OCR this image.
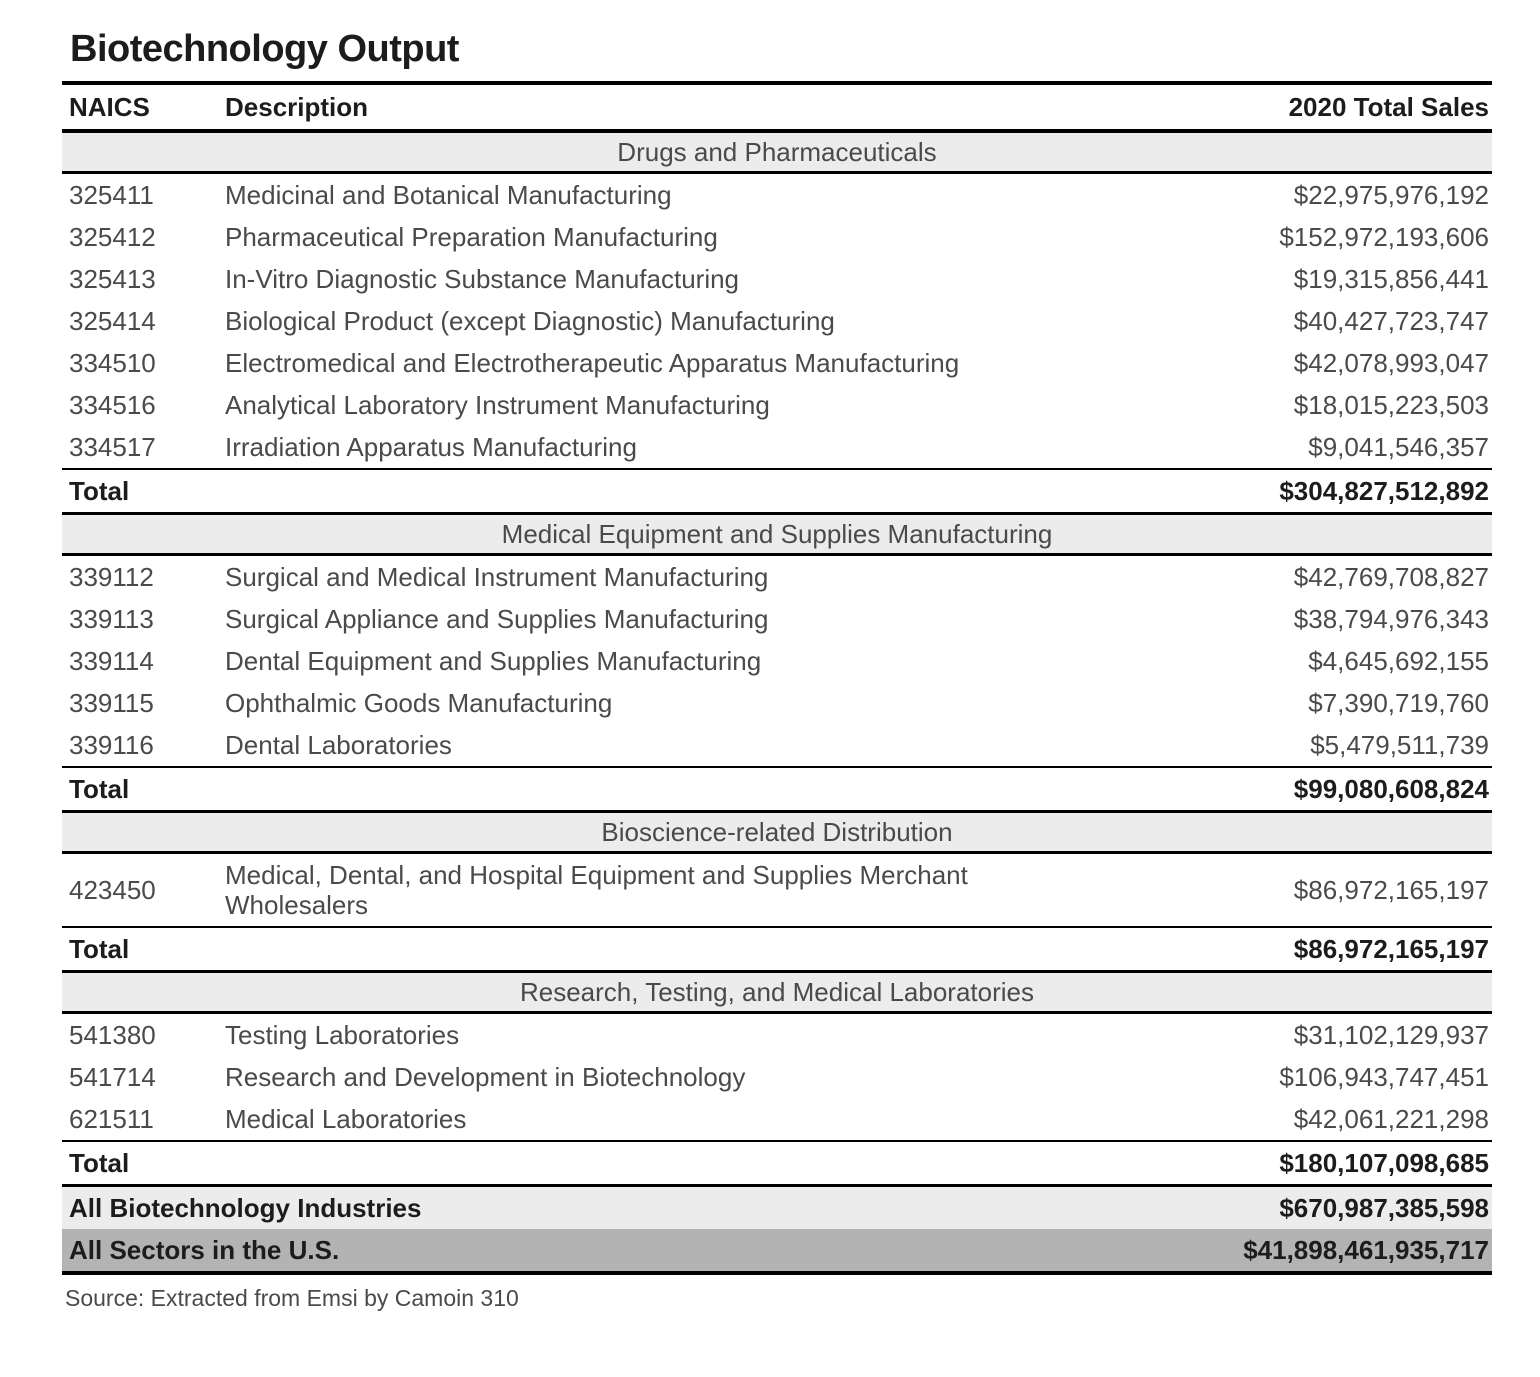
Biotechnology Output
NAICS	Description	2020 Total Sales
Drugs and Pharmaceuticals		
325411	Medicinal and Botanical Manufacturing	$22,975,976,192
325412	Pharmaceutical Preparation Manufacturing	$152,972,193,606
325413	In-Vitro Diagnostic Substance Manufacturing	$19,315,856,441
325414	Biological Product (except Diagnostic) Manufacturing	$40,427,723,747
334510	Electromedical and Electrotherapeutic Apparatus Manufacturing	$42,078,993,047
334516	Analytical Laboratory Instrument Manufacturing	$18,015,223,503
334517	Irradiation Apparatus Manufacturing	$9,041,546,357
Total		$304,827,512,892
Medical Equipment and Supplies Manufacturing		
339112	Surgical and Medical Instrument Manufacturing	$42,769,708,827
339113	Surgical Appliance and Supplies Manufacturing	$38,794,976,343
339114	Dental Equipment and Supplies Manufacturing	$4,645,692,155
339115	Ophthalmic Goods Manufacturing	$7,390,719,760
339116	Dental Laboratories	$5,479,511,739
Total		$99,080,608,824
Bioscience-related Distribution		
423450	Medical, Dental, and Hospital Equipment and Supplies Merchant Wholesalers	$86,972,165,197
Total		$86,972,165,197
Research, Testing, and Medical Laboratories		
541380	Testing Laboratories	$31,102,129,937
541714	Research and Development in Biotechnology	$106,943,747,451
621511	Medical Laboratories	$42,061,221,298
Total		$180,107,098,685
All Biotechnology Industries		$670,987,385,598
All Sectors in the U.S.		$41,898,461,935,717

Source: Extracted from Emsi by Camoin 310
